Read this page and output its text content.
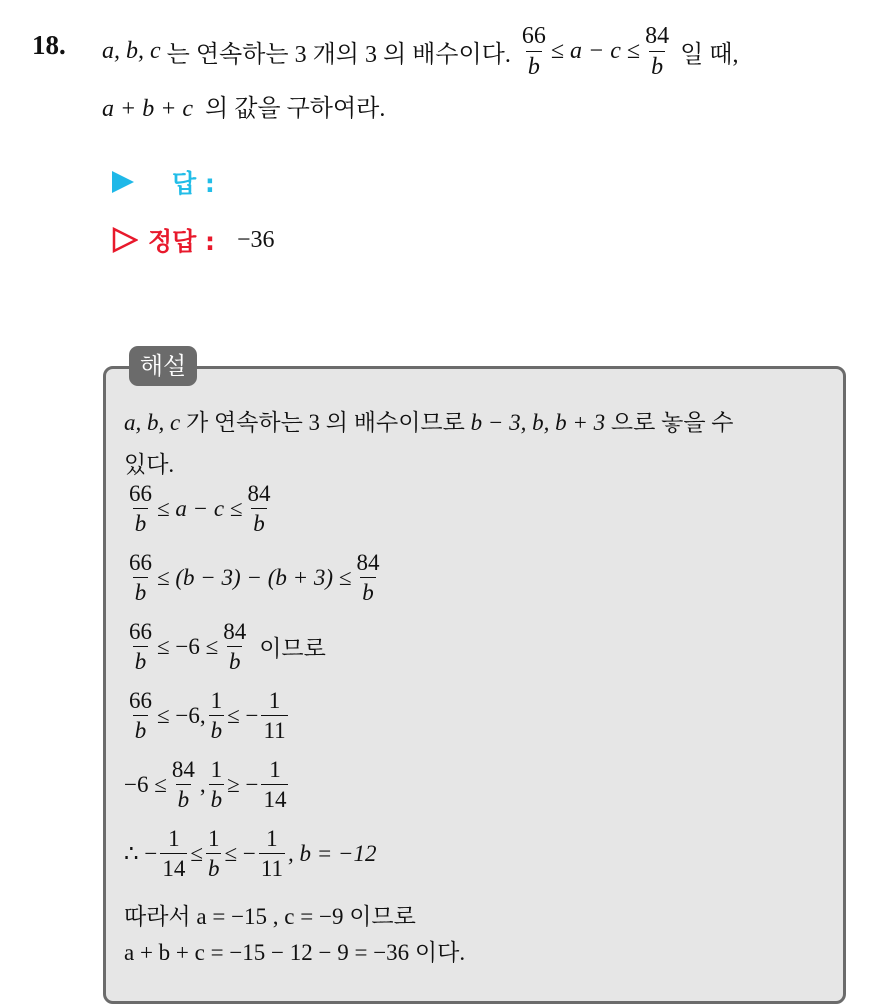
18. a, b, c
는 연속하는 3 개의 3 의 배수이다.
$\frac{66}{b} \le a - c \le \frac{84}{b}$
일 때,
a + b + c 의 값을 구하여라.
답 :
정답 : −36
해설
a, b, c 가 연속하는 3 의 배수이므로 b − 3, b, b + 3 으로 놓을 수
있다.
$\frac{66}{b} \le a - c \le \frac{84}{b}$
$\frac{66}{b} \le (b - 3) - (b + 3) \le \frac{84}{b}$
$\frac{66}{b} \le -6 \le \frac{84}{b}$ 이므로
$\frac{66}{b} \le -6$, $\frac{1}{b}$ ≤ − $\frac{1}{11}$
$-6 \le \frac{84}{b}$ , $\frac{1}{b}$ ≥ − $\frac{1}{14}$
∴ − $\frac{1}{14} \le \frac{1}{b}$ ≤ − $\frac{1}{11}$ , b = −12
따라서 a = −15 , c = −9 이므로
a + b + c = −15 − 12 − 9 = −36 이다.
